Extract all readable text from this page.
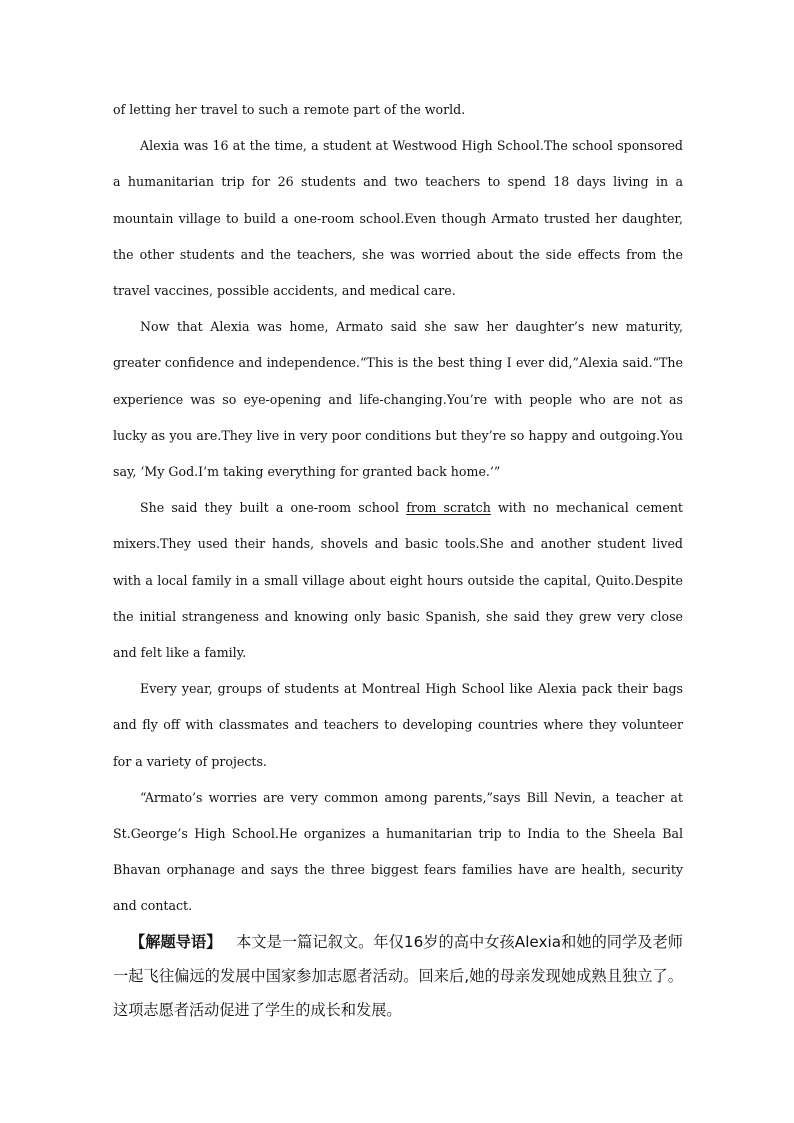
of letting her travel to such a remote part of the world.

Alexia was 16 at the time, a student at Westwood High School.The school sponsored a humanitarian trip for 26 students and two teachers to spend 18 days living in a mountain village to build a one-room school.Even though Armato trusted her daughter, the other students and the teachers, she was worried about the side effects from the travel vaccines, possible accidents, and medical care.

Now that Alexia was home, Armato said she saw her daughter’s new maturity, greater confidence and independence.“This is the best thing I ever did,”Alexia said.“The experience was so eye-opening and life-changing.You’re with people who are not as lucky as you are.They live in very poor conditions but they’re so happy and outgoing.You say, ‘My God.I’m taking everything for granted back home.’”

She said they built a one-room school from scratch with no mechanical cement mixers.They used their hands, shovels and basic tools.She and another student lived with a local family in a small village about eight hours outside the capital, Quito.Despite the initial strangeness and knowing only basic Spanish, she said they grew very close and felt like a family.

Every year, groups of students at Montreal High School like Alexia pack their bags and fly off with classmates and teachers to developing countries where they volunteer for a variety of projects.

“Armato’s worries are very common among parents,”says Bill Nevin, a teacher at St.George’s High School.He organizes a humanitarian trip to India to the Sheela Bal Bhavan orphanage and says the three biggest fears families have are health, security and contact.

【解题导语】 本文是一篇记叙文。年仅16岁的高中女孩Alexia和她的同学及老师一起飞往偏远的发展中国家参加志愿者活动。回来后,她的母亲发现她成熟且独立了。这项志愿者活动促进了学生的成长和发展。
